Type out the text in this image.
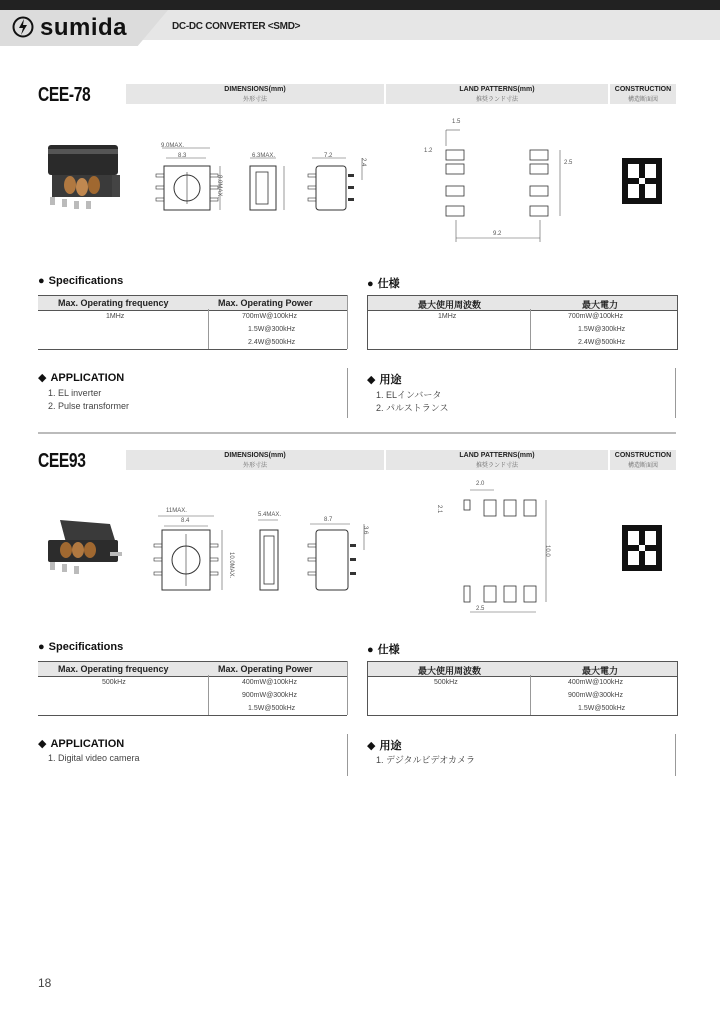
sumida	DC-DC CONVERTER <SMD>
CEE-78	DIMENSIONS(mm)
外形寸法
LAND PATTERNS(mm)
推奨ランド寸法
CONSTRUCTION
構造断面図
9.0MAX.
8.3
8.0MAX.
6.3MAX.	7.2
2.4
1.5
1.2
9.2
2.5
● Specifications	● 仕様
Max. Operating frequency	Max. Operating Power
1MHz	700mW@100kHz
1.5W@300kHz
2.4W@500kHz
最大使用周波数	最大電力
1MHz	700mW@100kHz
1.5W@300kHz
2.4W@500kHz
◆ APPLICATION	◆ 用途
1. EL inverter
2. Pulse transformer
1. ELインバータ
2. パルストランス
CEE93	DIMENSIONS(mm)
外形寸法
LAND PATTERNS(mm)
推奨ランド寸法
CONSTRUCTION
構造断面図
11MAX.
8.4
10.0MAX.
5.4MAX.
8.7
3.6
2.0
2.1
10.0
2.5
● Specifications	● 仕様
Max. Operating frequency	Max. Operating Power
500kHz	400mW@100kHz
900mW@300kHz
1.5W@500kHz
最大使用周波数	最大電力
500kHz	400mW@100kHz
900mW@300kHz
1.5W@500kHz
◆ APPLICATION	◆ 用途
1. Digital video camera	1. デジタルビデオカメラ
18
